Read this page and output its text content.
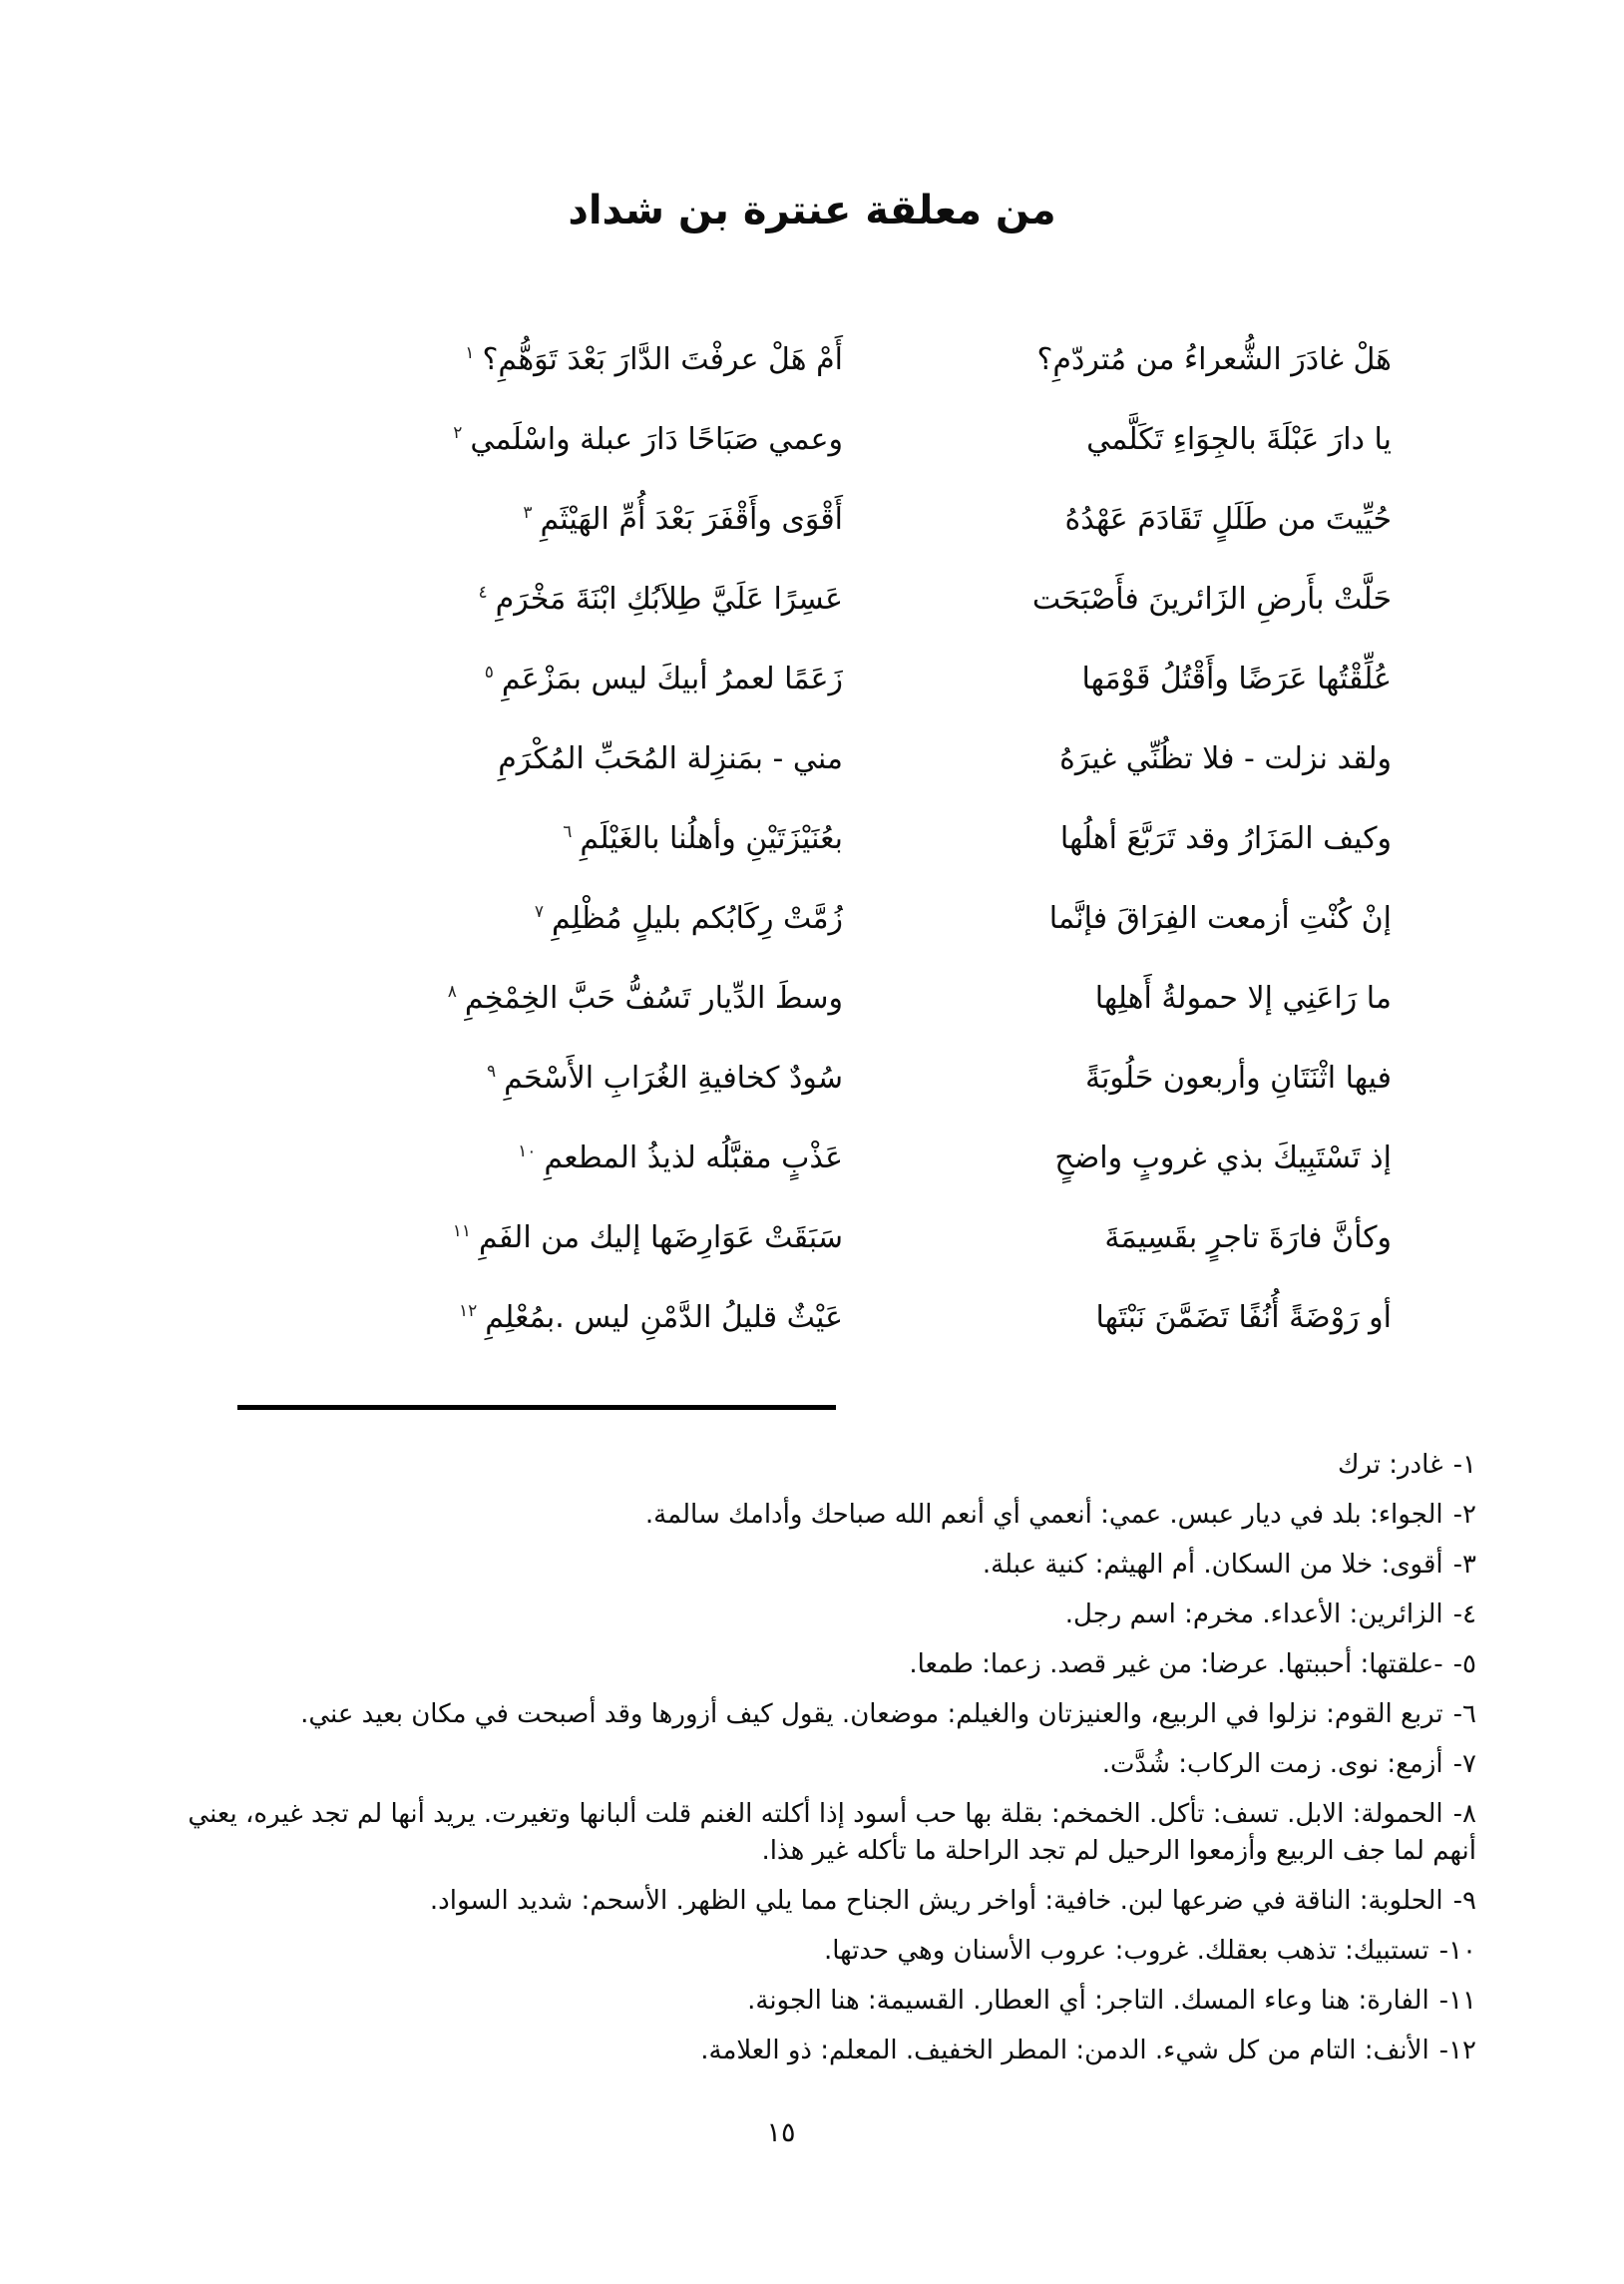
من معلقة عنترة بن شداد
هَلْ غادَرَ الشُّعراءُ من مُتردّمِ؟
أَمْ هَلْ عرفْتَ الدَّارَ بَعْدَ تَوَهُّمِ؟$^١$
يا دارَ عَبْلَةَ بالجِوَاءِ تَكَلَّمي
وعمي صَبَاحًا دَارَ عبلة واسْلَمي$^٢$
حُيِّيتَ من طَلَلٍ تَقَادَمَ عَهْدُهُ
أَقْوَى وأَقْفَرَ بَعْدَ أُمِّ الهَيْثَمِ$^٣$
حَلَّتْ بأَرضِ الزَائرينَ فأَصْبَحَت
عَسِرًا عَلَيَّ طِلاَبُكِ ابْنَةَ مَخْرَمِ$^٤$
عُلِّقْتُها عَرَضًا وأَقْتُلُ قَوْمَها
زَعَمًا لعمرُ أبيكَ ليس بمَزْعَمِ$^٥$
ولقد نزلت - فلا تظُنِّي غيرَهُ
مني - بمَنزِلة المُحَبِّ المُكْرَمِ
وكيف المَزَارُ وقد تَرَبَّعَ أهلُها
بعُنَيْزَتَيْنِ وأهلُنا بالغَيْلَمِ$^٦$
إنْ كُنْتِ أزمعت الفِرَاقَ فإنَّما
زُمَّتْ رِكَابُكم بليلٍ مُظْلِمِ$^٧$
ما رَاعَنِي إلا حمولةُ أَهلِها
وسطَ الدِّيار تَسُفُّ حَبَّ الخِمْخِمِ$^٨$
فيها اثْنَتَانِ وأربعون حَلُوبَةً
سُودٌ كخافيةِ الغُرَابِ الأَسْحَمِ$^٩$
إذ تَسْتَبِيكَ بذي غروبٍ واضحٍ
عَذْبٍ مقبَّلُه لذيذُ المطعمِ$^{١٠}$
وكأنَّ فارَةَ تاجرٍ بقَسِيمَةَ
سَبَقَتْ عَوَارِضَها إليك من الفَمِ$^{١١}$
أو رَوْضَةً أُنُفًا تَضَمَّنَ نَبْتَها
عَيْثٌ قليلُ الدَّمْنِ ليس .بمُعْلِمِ$^{١٢}$
١-غادر: ترك
٢-الجواء: بلد في ديار عبس. عمي: أنعمي أي أنعم الله صباحك وأدامك سالمة.
٣-أقوى: خلا من السكان. أم الهيثم: كنية عبلة.
٤-الزائرين: الأعداء. مخرم: اسم رجل.
٥--علقتها: أحببتها. عرضا: من غير قصد. زعما: طمعا.
٦-تربع القوم: نزلوا في الربيع، والعنيزتان والغيلم: موضعان. يقول كيف أزورها وقد أصبحت في مكان بعيد عني.
٧-أزمع: نوى. زمت الركاب: شُدَّت.
٨-الحمولة: الابل. تسف: تأكل. الخمخم: بقلة بها حب أسود إذا أكلته الغنم قلت ألبانها وتغيرت. يريد أنها لم تجد غيره، يعني أنهم لما جف الربيع وأزمعوا الرحيل لم تجد الراحلة ما تأكله غير هذا.
٩-الحلوبة: الناقة في ضرعها لبن. خافية: أواخر ريش الجناح مما يلي الظهر. الأسحم: شديد السواد.
١٠-تستبيك: تذهب بعقلك. غروب: عروب الأسنان وهي حدتها.
١١-الفارة: هنا وعاء المسك. التاجر: أي العطار. القسيمة: هنا الجونة.
١٢-الأنف: التام من كل شيء. الدمن: المطر الخفيف. المعلم: ذو العلامة.
١٥
